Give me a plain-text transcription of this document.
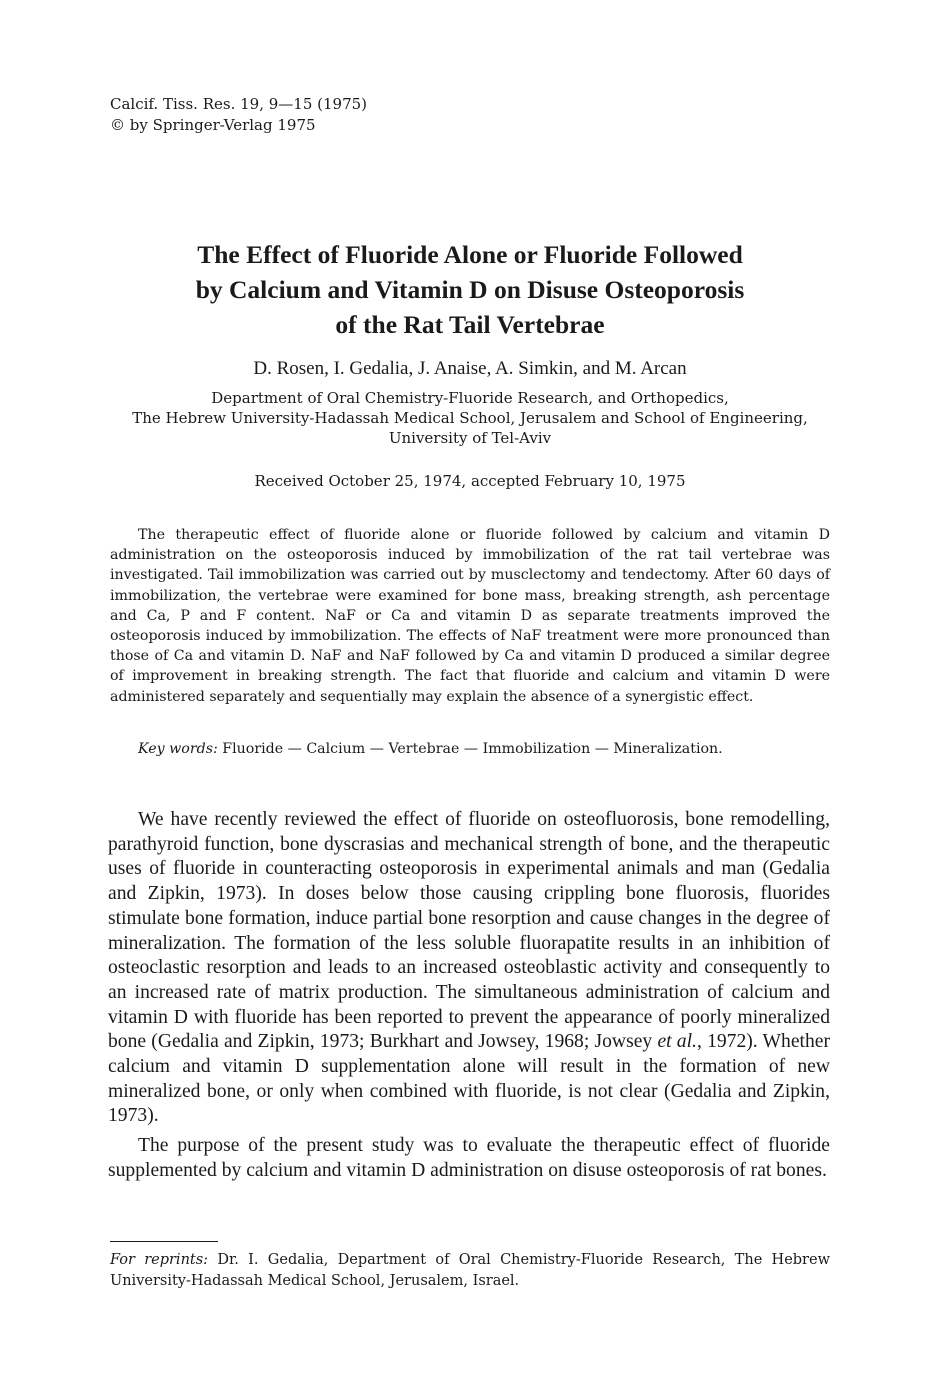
Calcif. Tiss. Res. 19, 9—15 (1975)
© by Springer-Verlag 1975
The Effect of Fluoride Alone or Fluoride Followed
by Calcium and Vitamin D on Disuse Osteoporosis
of the Rat Tail Vertebrae
D. Rosen, I. Gedalia, J. Anaise, A. Simkin, and M. Arcan
Department of Oral Chemistry-Fluoride Research, and Orthopedics,
The Hebrew University-Hadassah Medical School, Jerusalem and School of Engineering,
University of Tel-Aviv
Received October 25, 1974, accepted February 10, 1975

The therapeutic effect of fluoride alone or fluoride followed by calcium and vitamin D administration on the osteoporosis induced by immobilization of the rat tail vertebrae was investigated. Tail immobilization was carried out by musclectomy and tendectomy. After 60 days of immobilization, the vertebrae were examined for bone mass, breaking strength, ash percentage and Ca, P and F content. NaF or Ca and vitamin D as separate treatments improved the osteoporosis induced by immobilization. The effects of NaF treatment were more pronounced than those of Ca and vitamin D. NaF and NaF followed by Ca and vitamin D produced a similar degree of improvement in breaking strength. The fact that fluoride and calcium and vitamin D were administered separately and sequentially may explain the absence of a synergistic effect.

Key words: Fluoride — Calcium — Vertebrae — Immobilization — Mineralization.

We have recently reviewed the effect of fluoride on osteofluorosis, bone remodelling, parathyroid function, bone dyscrasias and mechanical strength of bone, and the therapeutic uses of fluoride in counteracting osteoporosis in experimental animals and man (Gedalia and Zipkin, 1973). In doses below those causing crippling bone fluorosis, fluorides stimulate bone formation, induce partial bone resorption and cause changes in the degree of mineralization. The formation of the less soluble fluorapatite results in an inhibition of osteoclastic resorption and leads to an increased osteoblastic activity and consequently to an increased rate of matrix production. The simultaneous administration of calcium and vitamin D with fluoride has been reported to prevent the appearance of poorly mineralized bone (Gedalia and Zipkin, 1973; Burkhart and Jowsey, 1968; Jowsey et al., 1972). Whether calcium and vitamin D supplementation alone will result in the formation of new mineralized bone, or only when combined with fluoride, is not clear (Gedalia and Zipkin, 1973).

The purpose of the present study was to evaluate the therapeutic effect of fluoride supplemented by calcium and vitamin D administration on disuse osteoporosis of rat bones.

For reprints: Dr. I. Gedalia, Department of Oral Chemistry-Fluoride Research, The Hebrew University-Hadassah Medical School, Jerusalem, Israel.
